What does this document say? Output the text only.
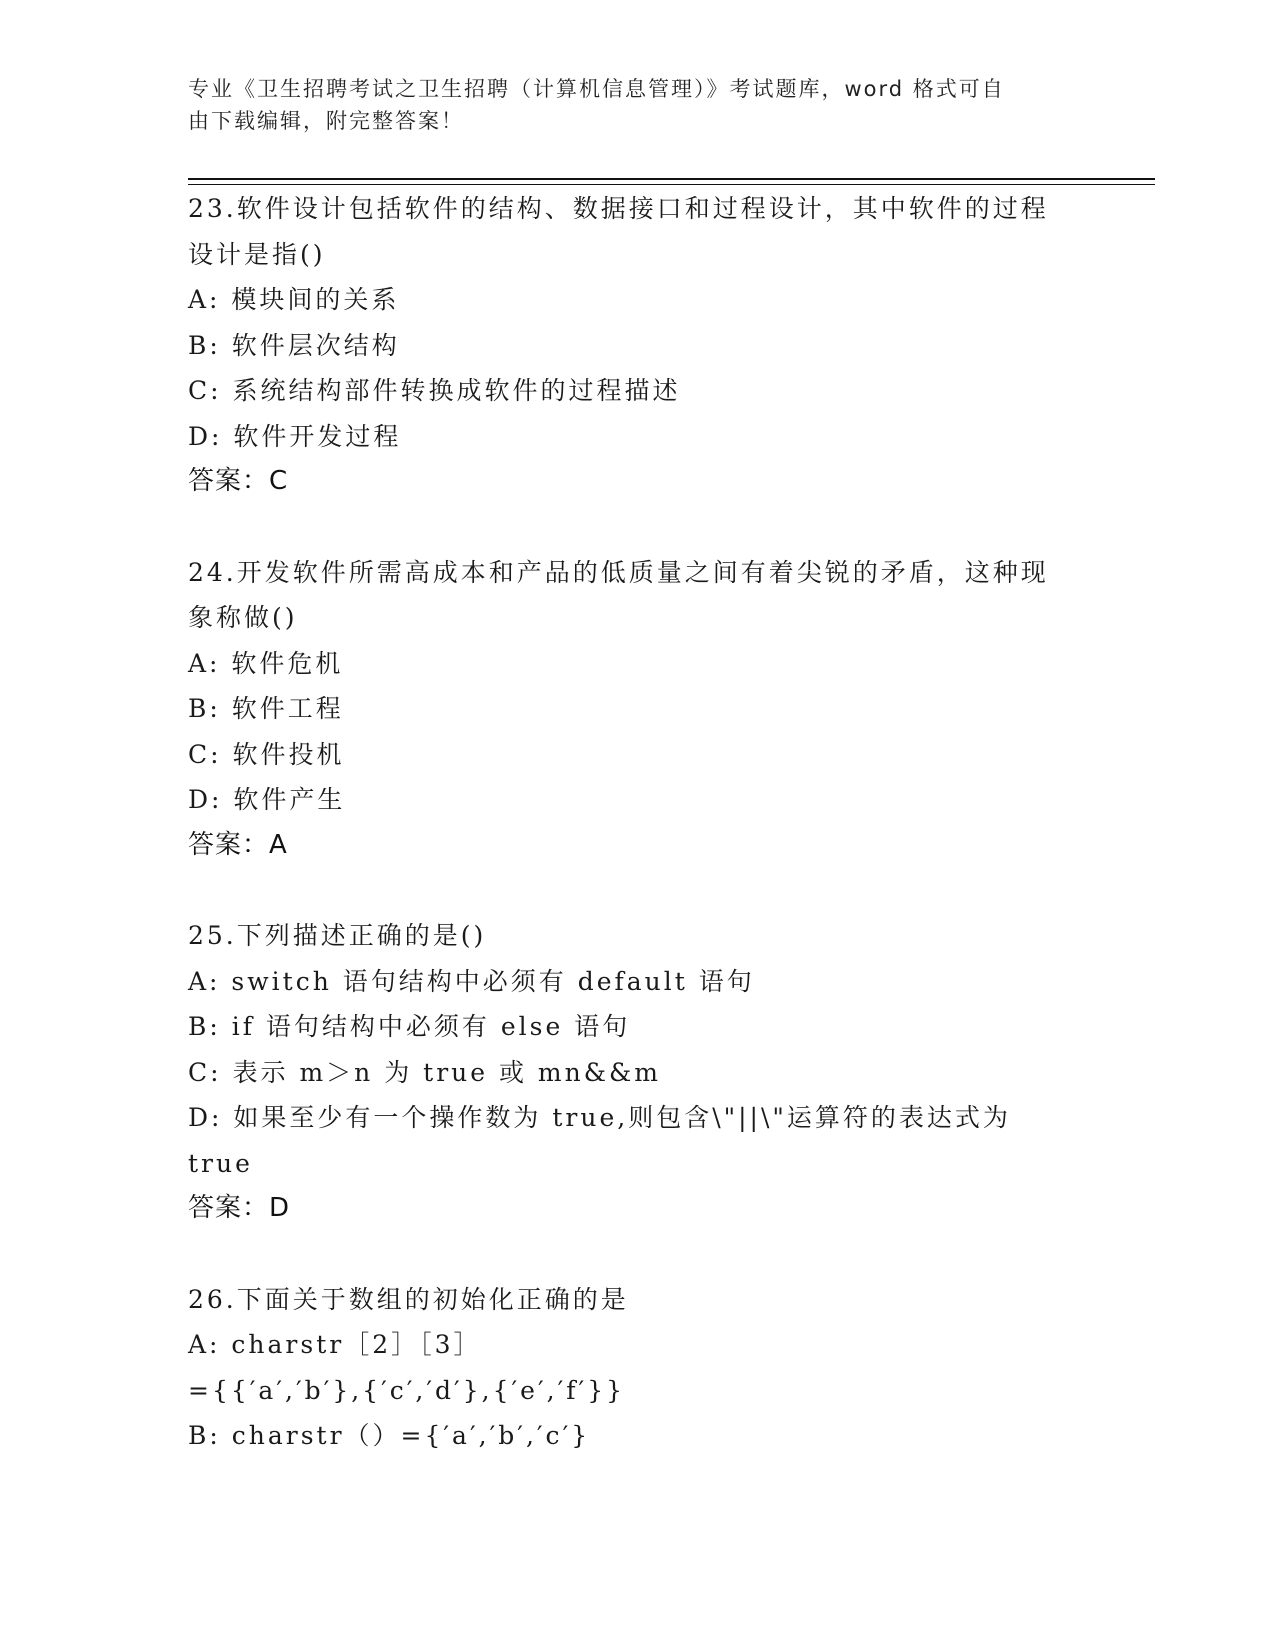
专业《卫生招聘考试之卫生招聘（计算机信息管理）》考试题库，word 格式可自
由下载编辑，附完整答案！
23.软件设计包括软件的结构、数据接口和过程设计，其中软件的过程
设计是指()
A: 模块间的关系
B: 软件层次结构
C: 系统结构部件转换成软件的过程描述
D: 软件开发过程
答案：C
24.开发软件所需高成本和产品的低质量之间有着尖锐的矛盾，这种现
象称做()
A: 软件危机
B: 软件工程
C: 软件投机
D: 软件产生
答案：A
25.下列描述正确的是()
A: switch 语句结构中必须有 default 语句
B: if 语句结构中必须有 else 语句
C: 表示 m＞n 为 true 或 mn&&m
D: 如果至少有一个操作数为 true,则包含\"||\"运算符的表达式为
true
答案：D
26.下面关于数组的初始化正确的是
A: charstr［2］［3］
={{′a′,′b′},{′c′,′d′},{′e′,′f′}}
B: charstr（）={′a′,′b′,′c′}
